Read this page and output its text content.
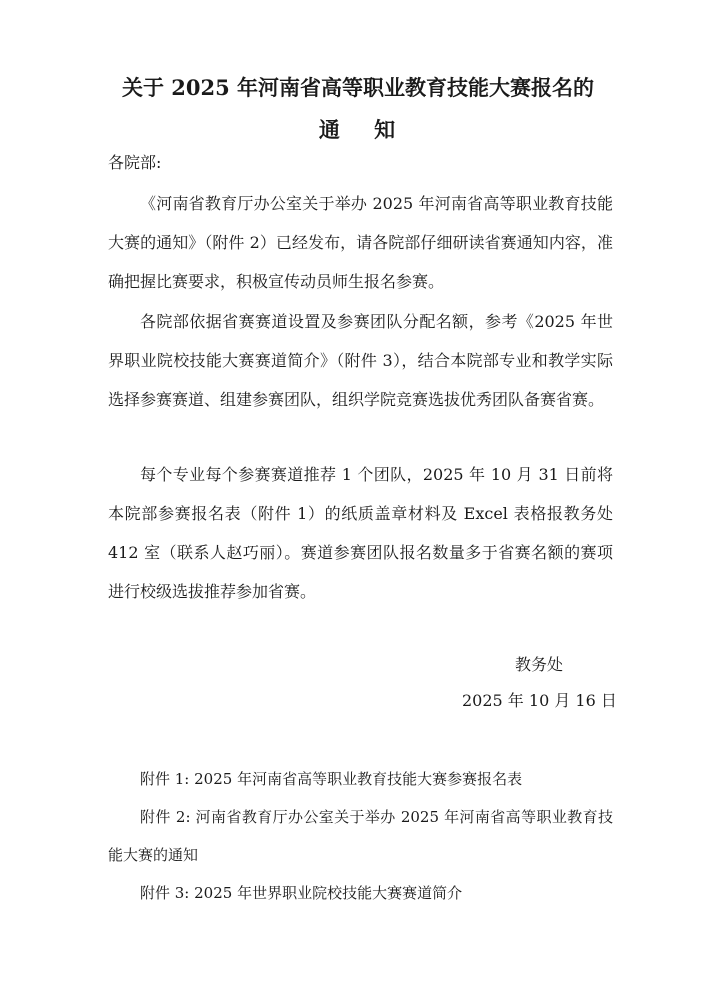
关于 2025 年河南省高等职业教育技能大赛报名的
通　 知
各院部:

《河南省教育厅办公室关于举办 2025 年河南省高等职业教育技能大赛的通知》（附件 2）已经发布，请各院部仔细研读省赛通知内容，准确把握比赛要求，积极宣传动员师生报名参赛。

各院部依据省赛赛道设置及参赛团队分配名额，参考《2025 年世界职业院校技能大赛赛道简介》（附件 3），结合本院部专业和教学实际选择参赛赛道、组建参赛团队，组织学院竞赛选拔优秀团队备赛省赛。

每个专业每个参赛赛道推荐 1 个团队，2025 年 10 月 31 日前将本院部参赛报名表（附件 1）的纸质盖章材料及 Excel 表格报教务处 412 室（联系人赵巧丽）。赛道参赛团队报名数量多于省赛名额的赛项进行校级选拔推荐参加省赛。

教务处
2025 年 10 月 16 日

附件 1: 2025 年河南省高等职业教育技能大赛参赛报名表

附件 2: 河南省教育厅办公室关于举办 2025 年河南省高等职业教育技能大赛的通知

附件 3: 2025 年世界职业院校技能大赛赛道简介
